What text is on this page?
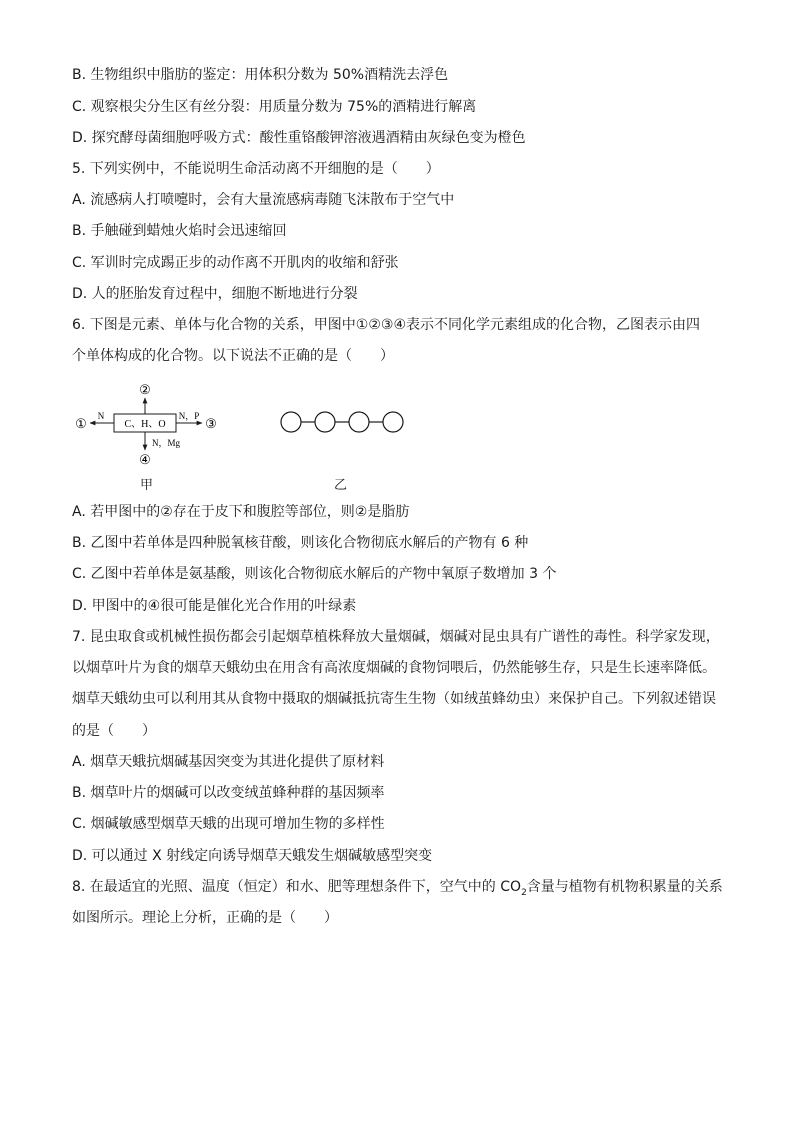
B. 生物组织中脂肪的鉴定：用体积分数为 50%酒精洗去浮色
C. 观察根尖分生区有丝分裂：用质量分数为 75%的酒精进行解离
D. 探究酵母菌细胞呼吸方式：酸性重铬酸钾溶液遇酒精由灰绿色变为橙色
5. 下列实例中，不能说明生命活动离不开细胞的是（　　）
A. 流感病人打喷嚏时，会有大量流感病毒随飞沫散布于空气中
B. 手触碰到蜡烛火焰时会迅速缩回
C. 军训时完成踢正步的动作离不开肌肉的收缩和舒张
D. 人的胚胎发育过程中，细胞不断地进行分裂
6. 下图是元素、单体与化合物的关系，甲图中①②③④表示不同化学元素组成的化合物，乙图表示由四
个单体构成的化合物。以下说法不正确的是（　　）
C、H、O
②
① N	③
N，P
④
N，Mg
甲	乙
A. 若甲图中的②存在于皮下和腹腔等部位，则②是脂肪
B. 乙图中若单体是四种脱氧核苷酸，则该化合物彻底水解后的产物有 6 种
C. 乙图中若单体是氨基酸，则该化合物彻底水解后的产物中氧原子数增加 3 个
D. 甲图中的④很可能是催化光合作用的叶绿素
7. 昆虫取食或机械性损伤都会引起烟草植株释放大量烟碱，烟碱对昆虫具有广谱性的毒性。科学家发现，
以烟草叶片为食的烟草天蛾幼虫在用含有高浓度烟碱的食物饲喂后，仍然能够生存，只是生长速率降低。
烟草天蛾幼虫可以利用其从食物中摄取的烟碱抵抗寄生生物（如绒茧蜂幼虫）来保护自己。下列叙述错误
的是（　　）
A. 烟草天蛾抗烟碱基因突变为其进化提供了原材料
B. 烟草叶片的烟碱可以改变绒茧蜂种群的基因频率
C. 烟碱敏感型烟草天蛾的出现可增加生物的多样性
D. 可以通过 X 射线定向诱导烟草天蛾发生烟碱敏感型突变
8. 在最适宜的光照、温度（恒定）和水、肥等理想条件下，空气中的 $CO_2$含量与植物有机物积累量的关系
如图所示。理论上分析，正确的是（　　）
